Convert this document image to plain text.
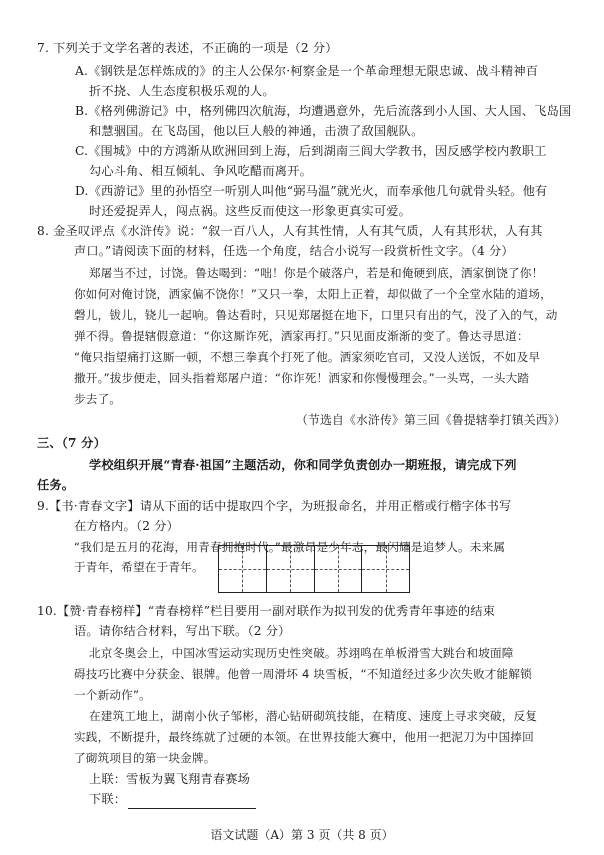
7. 下列关于文学名著的表述，不正确的一项是（2 分）
A.《钢铁是怎样炼成的》的主人公保尔·柯察金是一个革命理想无限忠诚、战斗精神百
折不挠、人生态度积极乐观的人。
B.《格列佛游记》中，格列佛四次航海，均遭遇意外，先后流落到小人国、大人国、飞岛国
和慧骃国。在飞岛国，他以巨人般的神通，击溃了敌国舰队。
C.《围城》中的方鸿渐从欧洲回到上海，后到湖南三闾大学教书，因反感学校内教职工
勾心斗角、相互倾轧、争风吃醋而离开。
D.《西游记》里的孙悟空一听别人叫他“弼马温”就光火，而奉承他几句就骨头轻。他有
时还爱捉弄人，闯点祸。这些反而使这一形象更真实可爱。
8. 金圣叹评点《水浒传》说：“叙一百八人，人有其性情，人有其气质，人有其形状，人有其
声口。”请阅读下面的材料，任选一个角度，结合小说写一段赏析性文字。（4 分）
郑屠当不过，讨饶。鲁达喝到：“咄！你是个破落户，若是和俺硬到底，洒家倒饶了你！
你如何对俺讨饶，洒家偏不饶你！”又只一拳，太阳上正着，却似做了一个全堂水陆的道场，
磬儿，钹儿，铙儿一起响。鲁达看时，只见郑屠挺在地下，口里只有出的气，没了入的气，动
弹不得。鲁提辖假意道：“你这厮诈死，洒家再打。”只见面皮渐渐的变了。鲁达寻思道：
“俺只指望痛打这厮一顿，不想三拳真个打死了他。洒家须吃官司，又没人送饭，不如及早
撒开。”拔步便走，回头指着郑屠户道：“你诈死！洒家和你慢慢理会。”一头骂，一头大踏
步去了。
（节选自《水浒传》第三回《鲁提辖拳打镇关西》）
三、（7 分）
学校组织开展“青春·祖国”主题活动，你和同学负责创办一期班报，请完成下列
任务。
9.【书·青春文字】请从下面的话中提取四个字，为班报命名，并用正楷或行楷字体书写
在方格内。（2 分）
“我们是五月的花海，用青春拥抱时代。”最激昂是少年志，最闪耀是追梦人。未来属
于青年，希望在于青年。
10.【赞·青春榜样】“青春榜样”栏目要用一副对联作为拟刊发的优秀青年事迹的结束
语。请你结合材料，写出下联。（2 分）
北京冬奥会上，中国冰雪运动实现历史性突破。苏翊鸣在单板滑雪大跳台和坡面障
碍技巧比赛中分获金、银牌。他曾一周滑坏 4 块雪板，“不知道经过多少次失败才能解锁
一个新动作”。
在建筑工地上，湖南小伙子邹彬，潜心钻研砌筑技能，在精度、速度上寻求突破，反复
实践，不断提升，最终练就了过硬的本领。在世界技能大赛中，他用一把泥刀为中国捧回
了砌筑项目的第一块金牌。
上联：雪板为翼飞翔青春赛场
下联：
语文试题（A）第 3 页（共 8 页）
